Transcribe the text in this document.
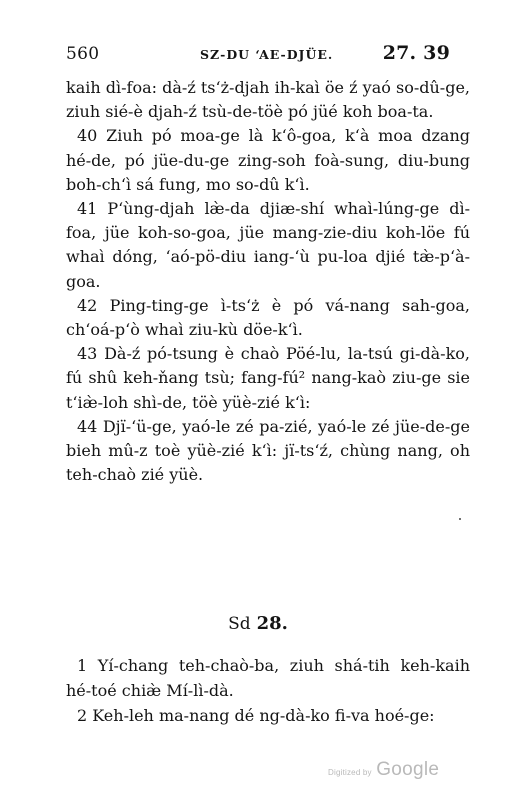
560	SZ-DU ‘AE-DJÜE.	27. 39

kaih dì-foa: dà-ź ts‘ż-djah ih-kaì öe ź yaó so-dû-ge, ziuh sié-è djah-ź tsù-de-töè pó jüé koh boa-ta.

40 Ziuh pó moa-ge là k‘ô-goa, k‘à moa dzang hé-de, pó jüe-du-ge zing-soh foà-sung, diu-bung boh-ch‘ì sá fung, mo so-dû k‘ì.

41 P‘ùng-djah læ̀-da djiæ-shí whaì-lúng-ge dì-foa, jüe koh-so-goa, jüe mang-zie-diu koh-löe fú whaì dóng, ‘aó-pö-diu iang-‘ù pu-loa djié tæ̀-p‘à-goa.

42 Ping-ting-ge ì-ts‘ż è pó vá-nang sah-goa, ch‘oá-p‘ò whaì ziu-kù döe-k‘ì.

43 Dà-ź pó-tsung è chaò Pöé-lu, la-tsú gi-dà-ko, fú shû keh-ňang tsù; fang-fú² nang-kaò ziu-ge sie t‘iæ̀-loh shì-de, töè yüè-zié k‘ì:

44 Djï-‘ü-ge, yaó-le zé pa-zié, yaó-le zé jüe-de-ge bieh mû-z toè yüè-zié k‘ì: jï-ts‘ź, chùng nang, oh teh-chaò zié yüè.

Sd 28.

1 Yí-chang teh-chaò-ba, ziuh shá-tih keh-kaih hé-toé chiæ̀ Mí-lì-dà.

2 Keh-leh ma-nang dé ng-dà-ko fi-va hoé-ge:

Digitized by Google
